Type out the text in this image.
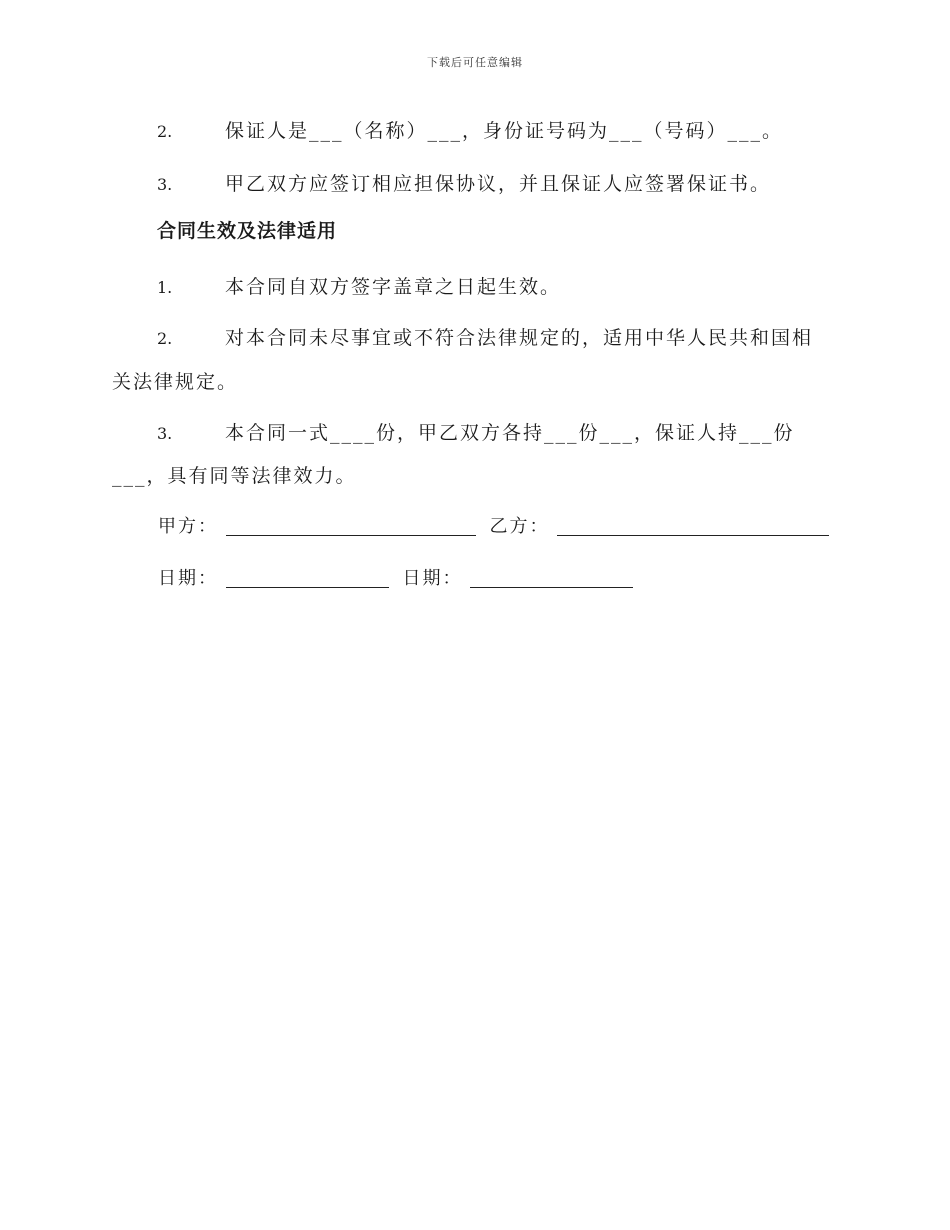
下载后可任意编辑
2.	保证人是___（名称）___，身份证号码为___（号码）___。
3.	甲乙双方应签订相应担保协议，并且保证人应签署保证书。
合同生效及法律适用
1.	本合同自双方签字盖章之日起生效。
2.	对本合同未尽事宜或不符合法律规定的，适用中华人民共和国相
关法律规定。
3.	本合同一式____份，甲乙双方各持___份___，保证人持___份
___，具有同等法律效力。
甲方：	乙方：
日期：	日期：
